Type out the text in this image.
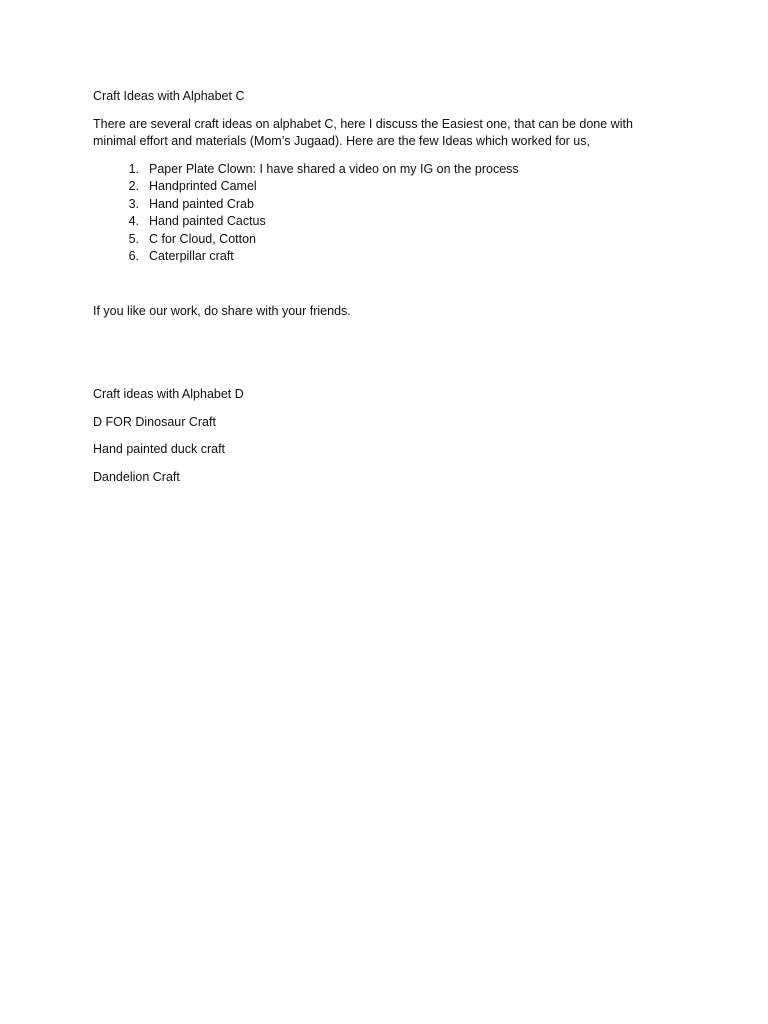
Craft Ideas with Alphabet C

There are several craft ideas on alphabet C, here I discuss the Easiest one, that can be done with minimal effort and materials (Mom’s Jugaad). Here are the few Ideas which worked for us,

1. Paper Plate Clown: I have shared a video on my IG on the process
2. Handprinted Camel
3. Hand painted Crab
4. Hand painted Cactus
5. C for Cloud, Cotton
6. Caterpillar craft

If you like our work, do share with your friends.

Craft ideas with Alphabet D

D FOR Dinosaur Craft

Hand painted duck craft

Dandelion Craft
